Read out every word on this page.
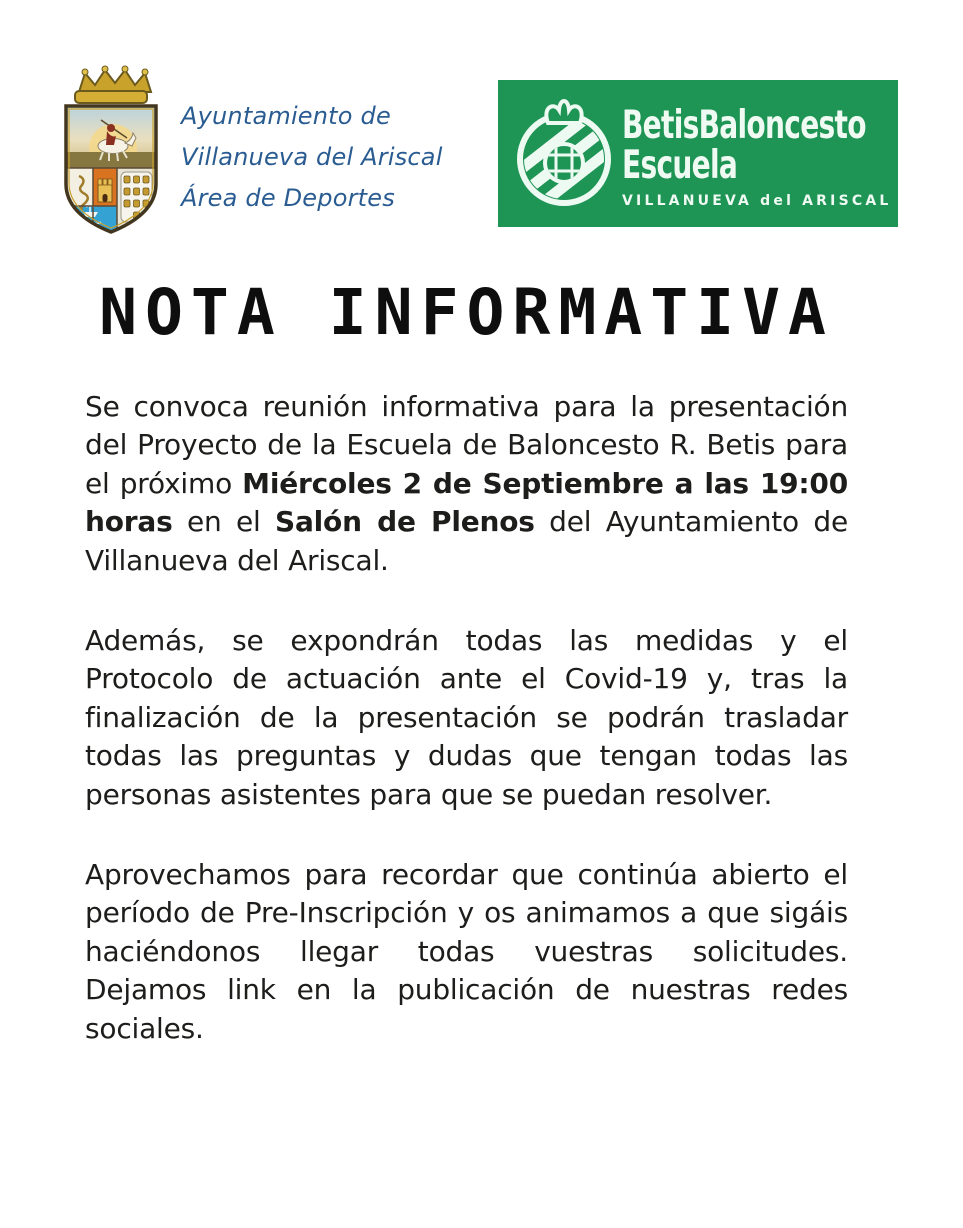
Ayuntamiento de
Villanueva del Ariscal
Área de Deportes
BetisBaloncesto
Escuela
VILLANUEVA del ARISCAL
NOTA INFORMATIVA

Se convoca reunión informativa para la presentación del Proyecto de la Escuela de Baloncesto R. Betis para el próximo Miércoles 2 de Septiembre a las 19:00 horas en el Salón de Plenos del Ayuntamiento de Villanueva del Ariscal.

Además, se expondrán todas las medidas y el Protocolo de actuación ante el Covid-19 y, tras la finalización de la presentación se podrán trasladar todas las preguntas y dudas que tengan todas las personas asistentes para que se puedan resolver.

Aprovechamos para recordar que continúa abierto el período de Pre-Inscripción y os animamos a que sigáis haciéndonos llegar todas vuestras solicitudes. Dejamos link en la publicación de nuestras redes sociales.
